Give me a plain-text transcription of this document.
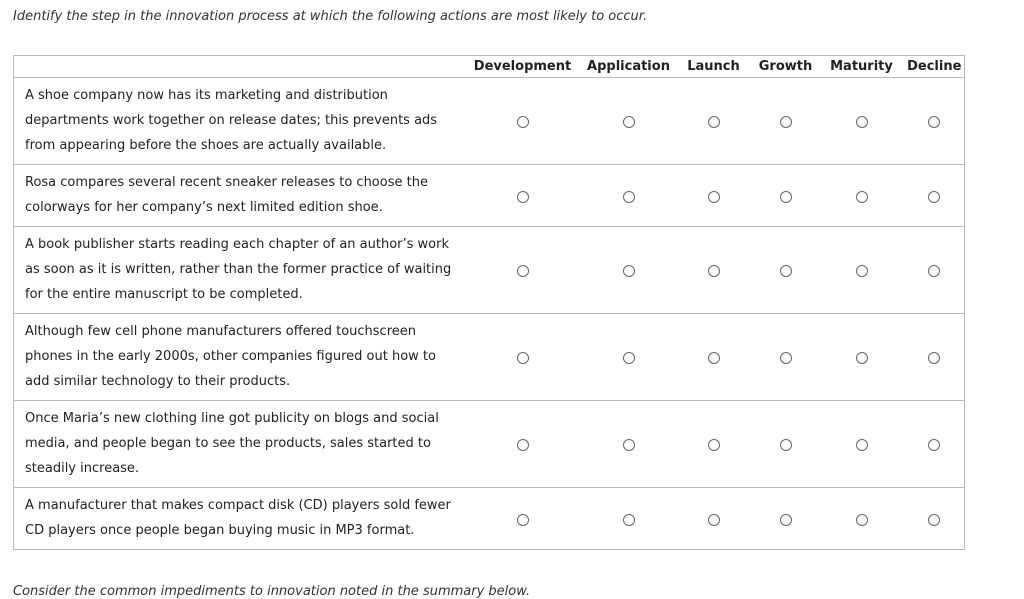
Identify the step in the innovation process at which the following actions are most likely to occur.

	Development	Application	Launch	Growth	Maturity	Decline
A shoe company now has its marketing and distribution departments work together on release dates; this prevents ads from appearing before the shoes are actually available.						
Rosa compares several recent sneaker releases to choose the colorways for her company’s next limited edition shoe.						
A book publisher starts reading each chapter of an author’s work as soon as it is written, rather than the former practice of waiting for the entire manuscript to be completed.						
Although few cell phone manufacturers offered touchscreen phones in the early 2000s, other companies figured out how to add similar technology to their products.						
Once Maria’s new clothing line got publicity on blogs and social media, and people began to see the products, sales started to steadily increase.						
A manufacturer that makes compact disk (CD) players sold fewer CD players once people began buying music in MP3 format.						

Consider the common impediments to innovation noted in the summary below.
